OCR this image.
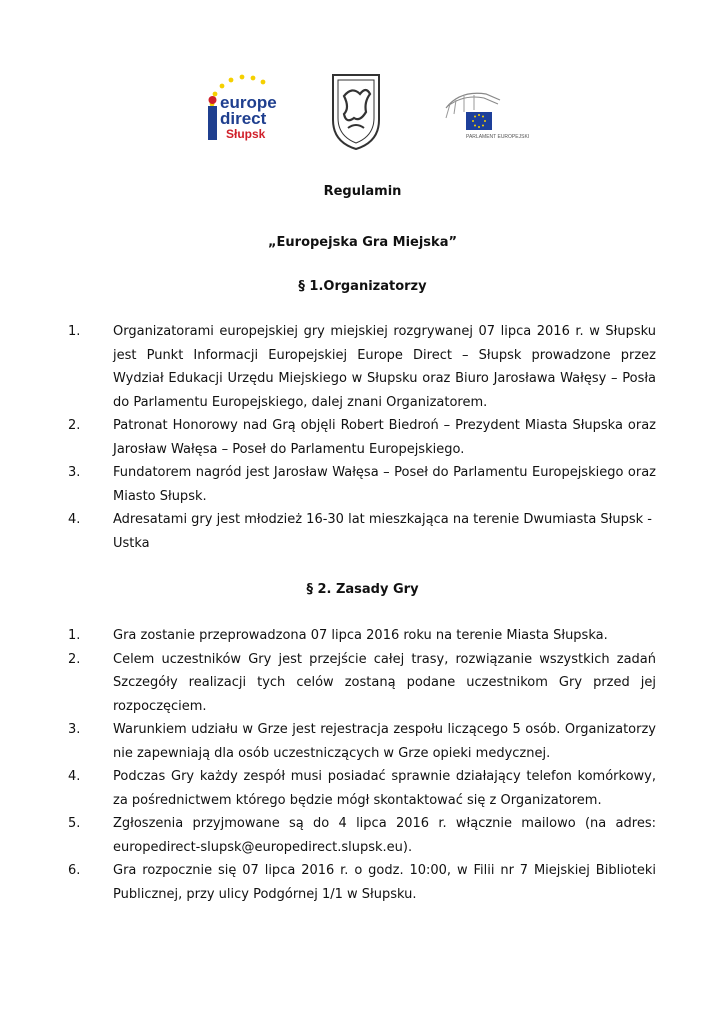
europe
direct
Słupsk	PARLAMENT EUROPEJSKI
Regulamin
„Europejska Gra Miejska”
§ 1.Organizatorzy
1.	Organizatorami europejskiej gry miejskiej rozgrywanej 07 lipca 2016 r. w Słupsku jest Punkt Informacji Europejskiej Europe Direct – Słupsk prowadzone przez Wydział Edukacji Urzędu Miejskiego w Słupsku oraz Biuro Jarosława Wałęsy – Posła do Parlamentu Europejskiego, dalej znani Organizatorem.
2.	Patronat Honorowy nad Grą objęli Robert Biedroń – Prezydent Miasta Słupska oraz Jarosław Wałęsa – Poseł do Parlamentu Europejskiego.
3.	Fundatorem nagród jest Jarosław Wałęsa – Poseł do Parlamentu Europejskiego oraz Miasto Słupsk.
4.	Adresatami gry jest młodzież 16-30 lat mieszkająca na terenie Dwumiasta Słupsk - Ustka
§ 2. Zasady Gry
1.	Gra zostanie przeprowadzona 07 lipca 2016 roku na terenie Miasta Słupska.
2.	Celem uczestników Gry jest przejście całej trasy, rozwiązanie wszystkich zadań Szczegóły realizacji tych celów zostaną podane uczestnikom Gry przed jej rozpoczęciem.
3.	Warunkiem udziału w Grze jest rejestracja zespołu liczącego 5 osób. Organizatorzy nie zapewniają dla osób uczestniczących w Grze opieki medycznej.
4.	Podczas Gry każdy zespół musi posiadać sprawnie działający telefon komórkowy, za pośrednictwem którego będzie mógł skontaktować się z Organizatorem.
5.	Zgłoszenia przyjmowane są do 4 lipca 2016 r. włącznie mailowo (na adres: europedirect-slupsk@europedirect.slupsk.eu).
6.	Gra rozpocznie się 07 lipca 2016 r. o godz. 10:00, w Filii nr 7 Miejskiej Biblioteki Publicznej, przy ulicy Podgórnej 1/1 w Słupsku.
